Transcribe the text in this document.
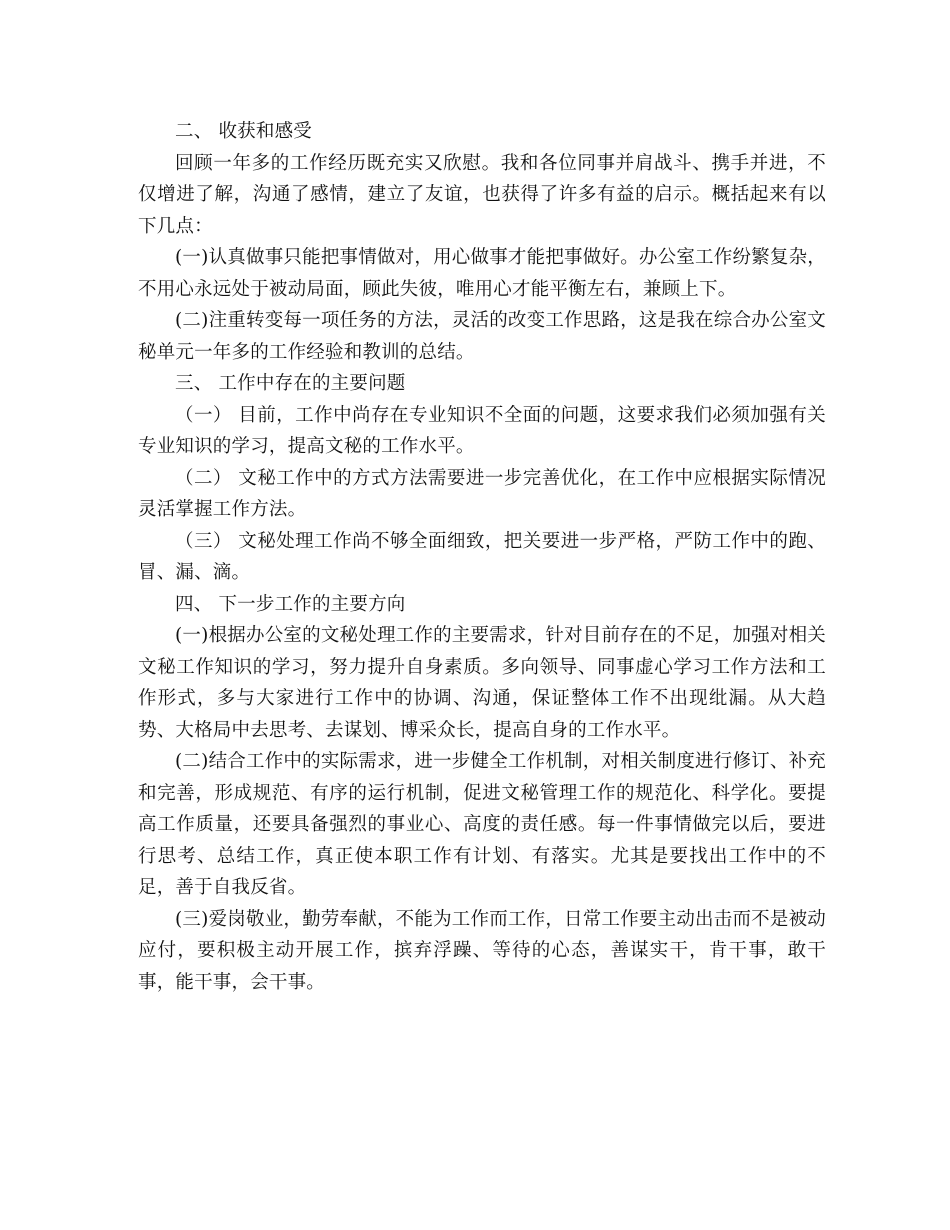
二、 收获和感受

回顾一年多的工作经历既充实又欣慰。我和各位同事并肩战斗、携手并进，不仅增进了解，沟通了感情，建立了友谊，也获得了许多有益的启示。概括起来有以下几点：

(一)认真做事只能把事情做对，用心做事才能把事做好。办公室工作纷繁复杂，不用心永远处于被动局面，顾此失彼，唯用心才能平衡左右，兼顾上下。

(二)注重转变每一项任务的方法，灵活的改变工作思路，这是我在综合办公室文秘单元一年多的工作经验和教训的总结。

三、 工作中存在的主要问题

（一） 目前，工作中尚存在专业知识不全面的问题，这要求我们必须加强有关专业知识的学习，提高文秘的工作水平。

（二） 文秘工作中的方式方法需要进一步完善优化，在工作中应根据实际情况灵活掌握工作方法。

（三） 文秘处理工作尚不够全面细致，把关要进一步严格，严防工作中的跑、冒、漏、滴。

四、 下一步工作的主要方向

(一)根据办公室的文秘处理工作的主要需求，针对目前存在的不足，加强对相关文秘工作知识的学习，努力提升自身素质。多向领导、同事虚心学习工作方法和工作形式，多与大家进行工作中的协调、沟通，保证整体工作不出现纰漏。从大趋势、大格局中去思考、去谋划、博采众长，提高自身的工作水平。

(二)结合工作中的实际需求，进一步健全工作机制，对相关制度进行修订、补充和完善，形成规范、有序的运行机制，促进文秘管理工作的规范化、科学化。要提高工作质量，还要具备强烈的事业心、高度的责任感。每一件事情做完以后，要进行思考、总结工作，真正使本职工作有计划、有落实。尤其是要找出工作中的不足，善于自我反省。

(三)爱岗敬业，勤劳奉献，不能为工作而工作，日常工作要主动出击而不是被动应付，要积极主动开展工作，摈弃浮躁、等待的心态，善谋实干，肯干事，敢干事，能干事，会干事。
